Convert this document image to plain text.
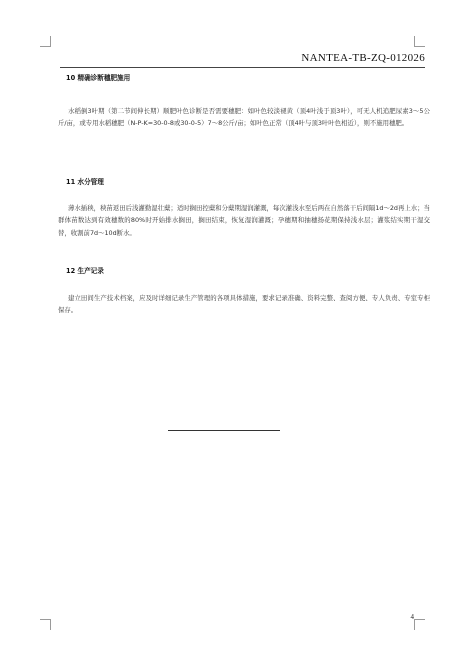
NANTEA-TB-ZQ-012026
10 精确诊断穗肥施用

水稻倒3叶期（第二节间伸长期）顺肥叶色诊断是否需要穗肥：如叶色较淡褪黄（顶4叶浅于顶3叶），可无人机追肥尿素3～5公斤/亩，或专用水稻穗肥（N-P-K=30-0-8或30-0-5）7～8公斤/亩；如叶色正常（顶4叶与顶3叶叶色相近），则不施用穗肥。

11 水分管理

薄水插秧，秧苗返田后浅灌勤湿壮蘖；适时搁田控蘖和分蘖期湿润灌溉，每次灌浅水至后两在自然落干后间隔1d～2d再上水；当群体苗数达到有效穗数的80%时开始排水搁田，搁田结束，恢复湿润灌溉；孕穗期和抽穗扬花期保持浅水层；灌浆结实期干湿交替，收割前7d～10d断水。

12 生产记录

建立田间生产技术档案，应及时详细记录生产管理的各项具体措施，要求记录准确、资料完整、查阅方便、专人负责、专室专柜保存。

4
